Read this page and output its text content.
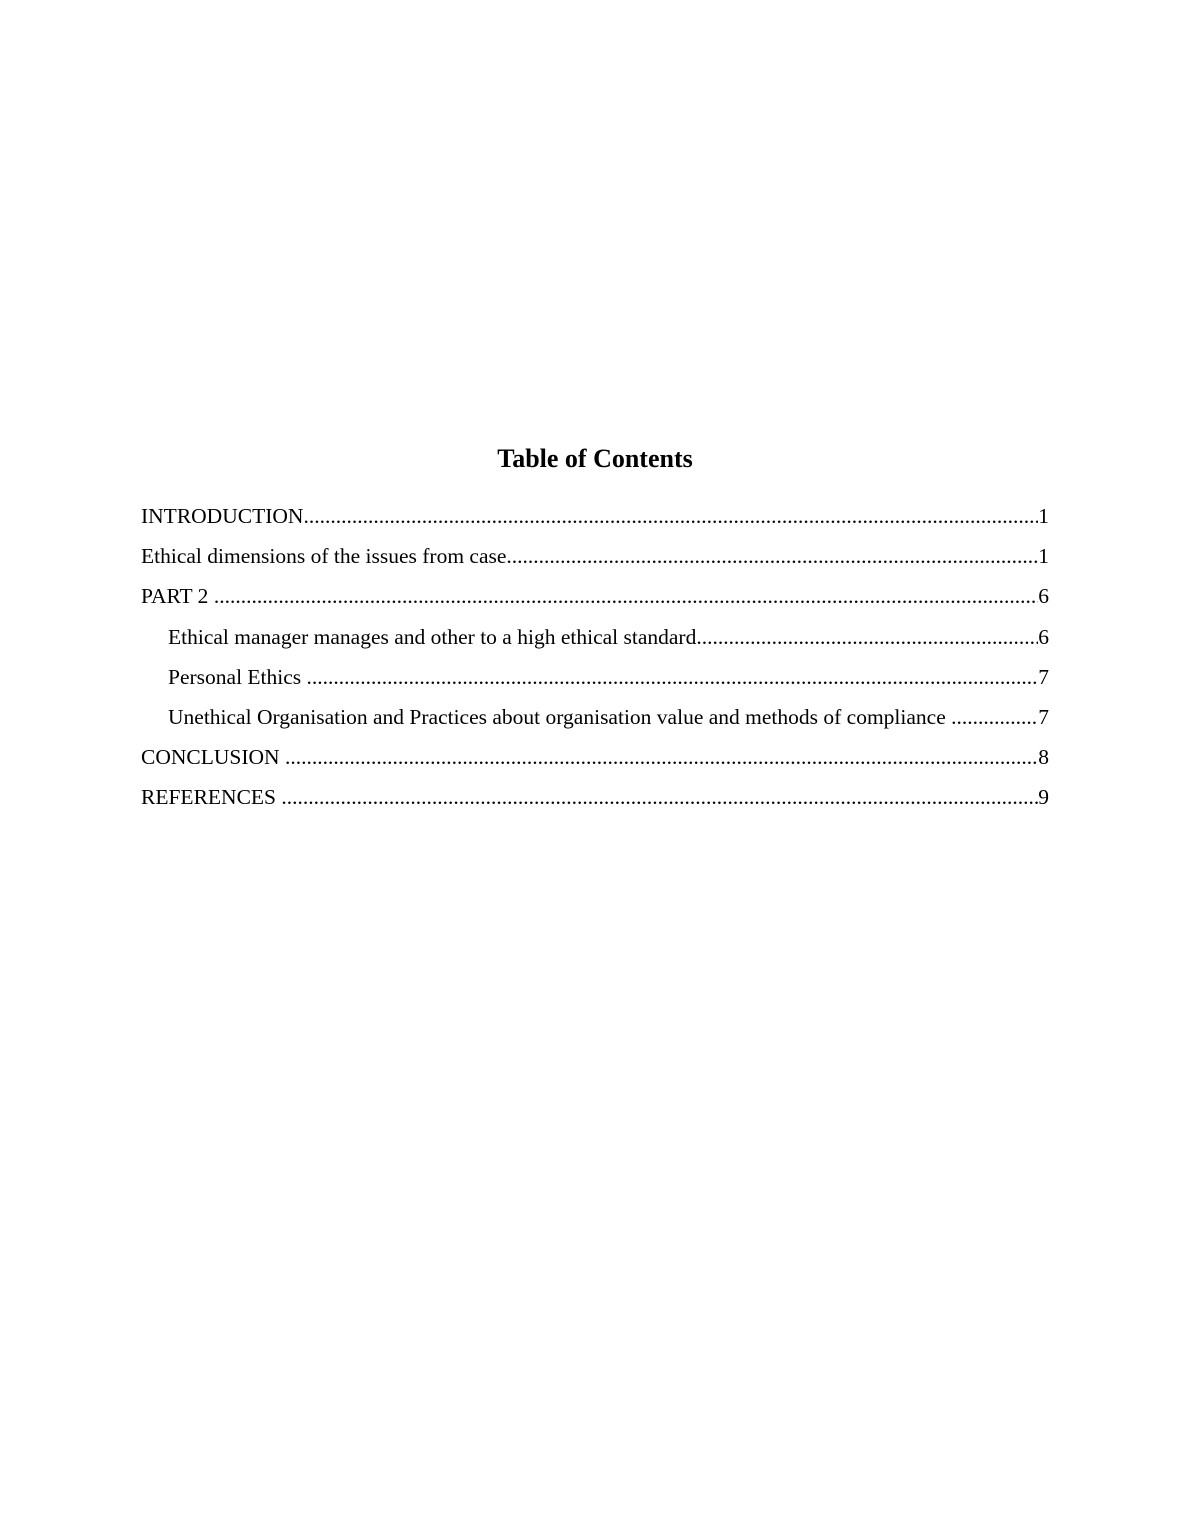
Table of Contents
INTRODUCTION .....	1
Ethical dimensions of the issues from case .....	1
PART 2 .....	6
Ethical manager manages and other to a high ethical standard .....	6
Personal Ethics .....	7
Unethical Organisation and Practices about organisation value and methods of compliance .....	7
CONCLUSION .....	8
REFERENCES .....	9
